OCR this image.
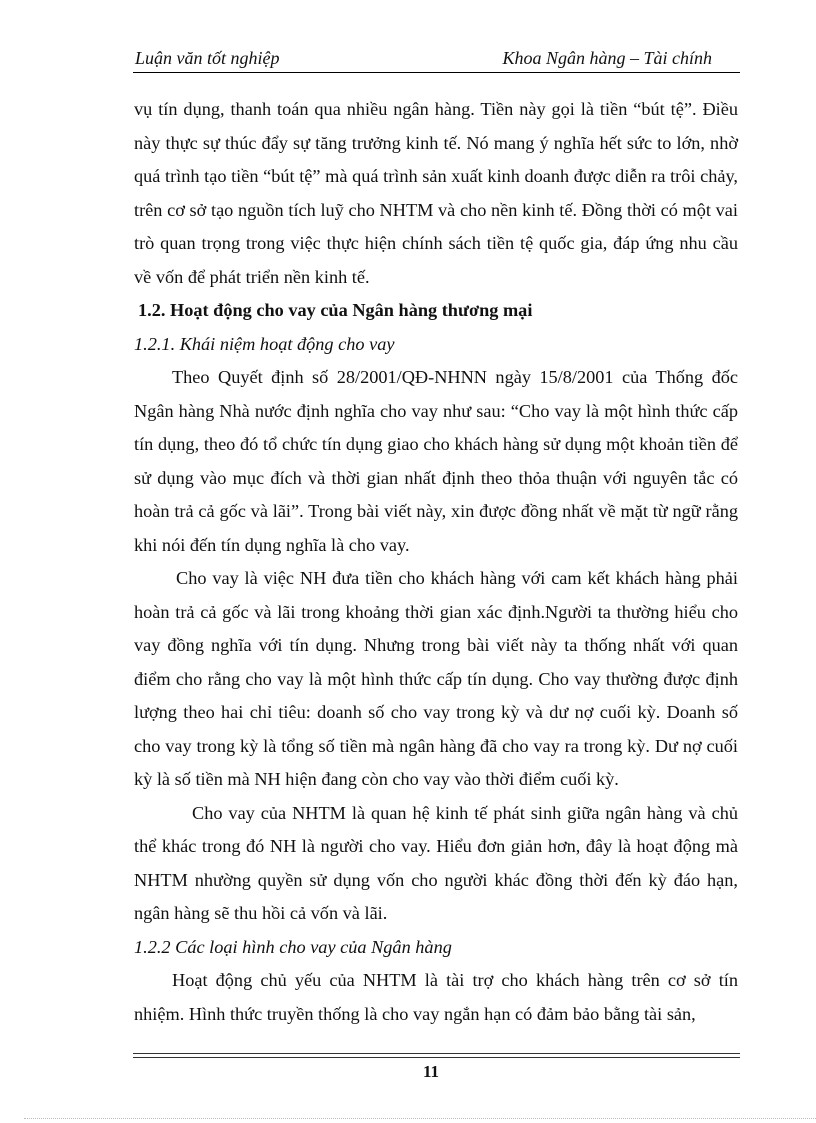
Luận văn tốt nghiệp	Khoa Ngân hàng – Tài chính

vụ tín dụng, thanh toán qua nhiều ngân hàng. Tiền này gọi là tiền “bút tệ”. Điều này thực sự thúc đẩy sự tăng trưởng kinh tế. Nó mang ý nghĩa hết sức to lớn, nhờ quá trình tạo tiền “bút tệ” mà quá trình sản xuất kinh doanh được diễn ra trôi chảy, trên cơ sở tạo nguồn tích luỹ cho NHTM và cho nền kinh tế. Đồng thời có một vai trò quan trọng trong việc thực hiện chính sách tiền tệ quốc gia, đáp ứng nhu cầu về vốn để phát triển nền kinh tế.

1.2. Hoạt động cho vay của Ngân hàng thương mại

1.2.1. Khái niệm hoạt động cho vay

Theo Quyết định số 28/2001/QĐ-NHNN ngày 15/8/2001 của Thống đốc Ngân hàng Nhà nước định nghĩa cho vay như sau: “Cho vay là một hình thức cấp tín dụng, theo đó tổ chức tín dụng giao cho khách hàng sử dụng một khoản tiền để sử dụng vào mục đích và thời gian nhất định theo thỏa thuận với nguyên tắc có hoàn trả cả gốc và lãi”. Trong bài viết này, xin được đồng nhất về mặt từ ngữ rằng khi nói đến tín dụng nghĩa là cho vay.

Cho vay là việc NH đưa tiền cho khách hàng với cam kết khách hàng phải hoàn trả cả gốc và lãi trong khoảng thời gian xác định.Người ta thường hiểu cho vay đồng nghĩa với tín dụng. Nhưng trong bài viết này ta thống nhất với quan điểm cho rằng cho vay là một hình thức cấp tín dụng. Cho vay thường được định lượng theo hai chỉ tiêu: doanh số cho vay trong kỳ và dư nợ cuối kỳ. Doanh số cho vay trong kỳ là tổng số tiền mà ngân hàng đã cho vay ra trong kỳ. Dư nợ cuối kỳ là số tiền mà NH hiện đang còn cho vay vào thời điểm cuối kỳ.

Cho vay của NHTM là quan hệ kinh tế phát sinh giữa ngân hàng và chủ thể khác trong đó NH là người cho vay. Hiểu đơn giản hơn, đây là hoạt động mà NHTM nhường quyền sử dụng vốn cho người khác đồng thời đến kỳ đáo hạn, ngân hàng sẽ thu hồi cả vốn và lãi.

1.2.2 Các loại hình cho vay của Ngân hàng

Hoạt động chủ yếu của NHTM là tài trợ cho khách hàng trên cơ sở tín nhiệm. Hình thức truyền thống là cho vay ngắn hạn có đảm bảo bằng tài sản,

11
